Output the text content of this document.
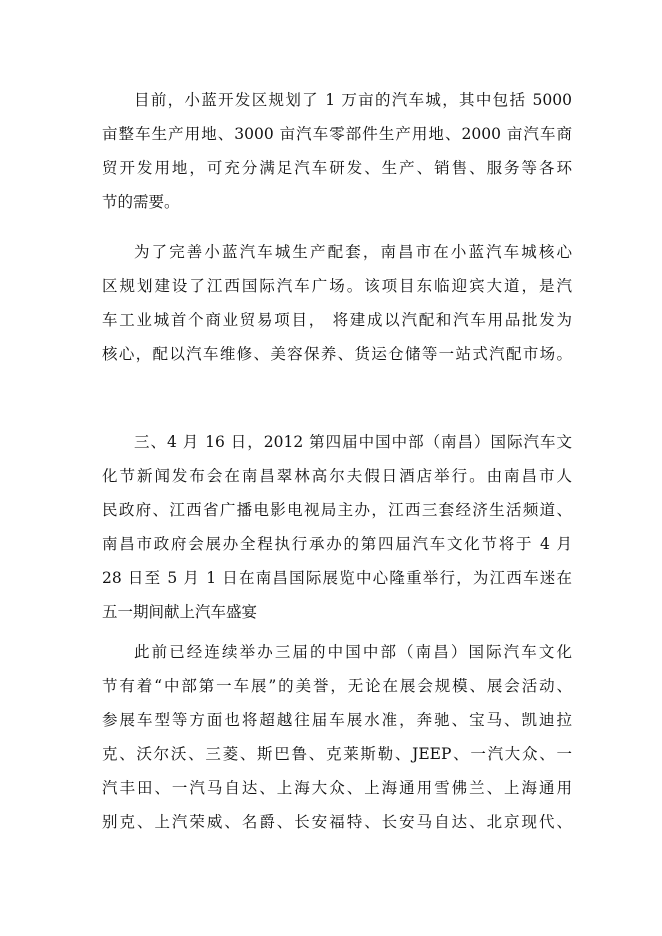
目前，小蓝开发区规划了 1 万亩的汽车城，其中包括 5000
亩整车生产用地、3000 亩汽车零部件生产用地、2000 亩汽车商
贸开发用地，可充分满足汽车研发、生产、销售、服务等各环
节的需要。
为了完善小蓝汽车城生产配套，南昌市在小蓝汽车城核心
区规划建设了江西国际汽车广场。该项目东临迎宾大道，是汽
车工业城首个商业贸易项目， 将建成以汽配和汽车用品批发为
核心，配以汽车维修、美容保养、货运仓储等一站式汽配市场。
三、4 月 16 日，2012 第四届中国中部（南昌）国际汽车文
化节新闻发布会在南昌翠林高尔夫假日酒店举行。由南昌市人
民政府、江西省广播电影电视局主办，江西三套经济生活频道、
南昌市政府会展办全程执行承办的第四届汽车文化节将于 4 月
28 日至 5 月 1 日在南昌国际展览中心隆重举行，为江西车迷在
五一期间献上汽车盛宴
此前已经连续举办三届的中国中部（南昌）国际汽车文化
节有着“中部第一车展”的美誉，无论在展会规模、展会活动、
参展车型等方面也将超越往届车展水准，奔驰、宝马、凯迪拉
克、沃尔沃、三菱、斯巴鲁、克莱斯勒、JEEP、一汽大众、一
汽丰田、一汽马自达、上海大众、上海通用雪佛兰、上海通用
别克、上汽荣威、名爵、长安福特、长安马自达、北京现代、
